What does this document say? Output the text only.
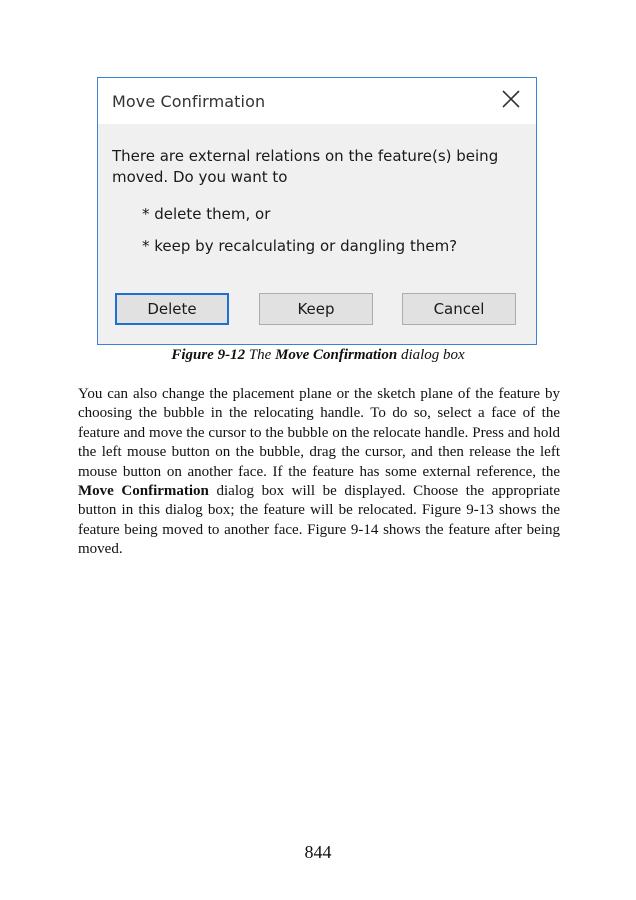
Move Confirmation

There are external relations on the feature(s) being moved. Do you want to

* delete them, or

* keep by recalculating or dangling them?

Delete	Keep	Cancel
Figure 9-12 The Move Confirmation dialog box

You can also change the placement plane or the sketch plane of the feature by choosing the bubble in the relocating handle. To do so, select a face of the feature and move the cursor to the bubble on the relocate handle. Press and hold the left mouse button on the bubble, drag the cursor, and then release the left mouse button on another face. If the feature has some external reference, the Move Confirmation dialog box will be displayed. Choose the appropriate button in this dialog box; the feature will be relocated. Figure 9-13 shows the feature being moved to another face. Figure 9-14 shows the feature after being moved.

844
